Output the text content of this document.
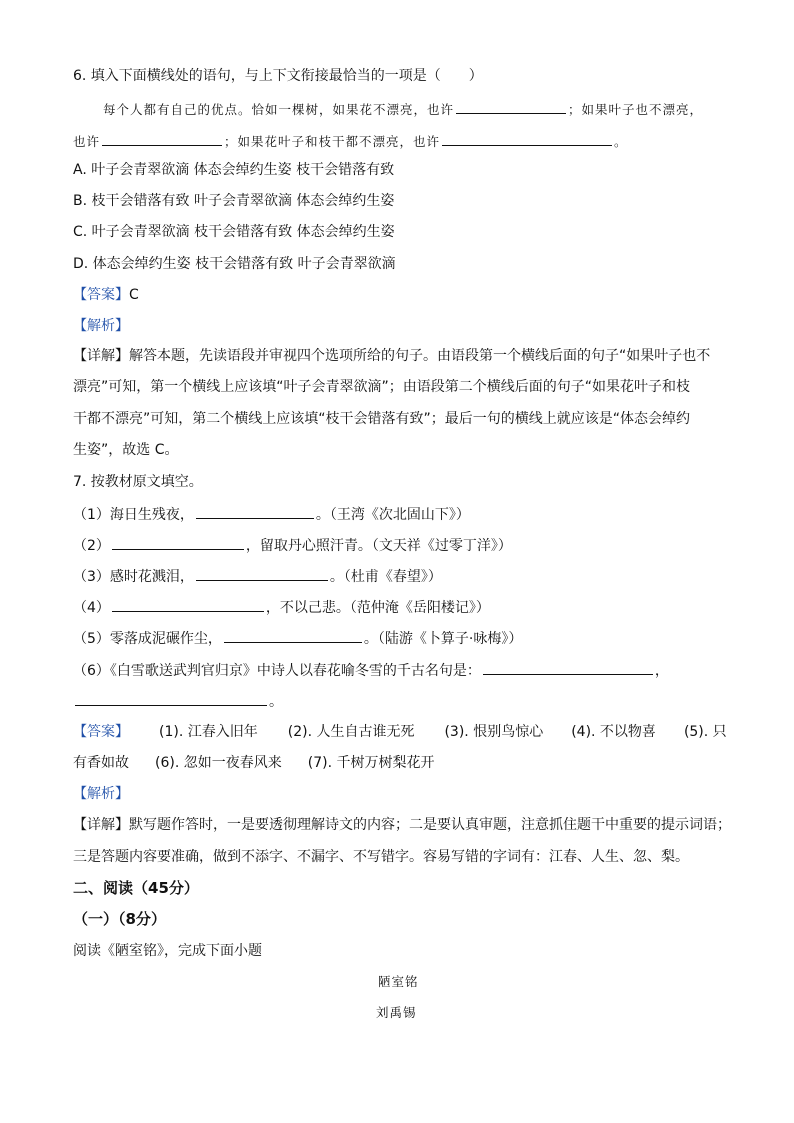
6. 填入下面横线处的语句，与上下文衔接最恰当的一项是（　　）
每个人都有自己的优点。恰如一棵树，如果花不漂亮，也许	；如果叶子也不漂亮，
也许	；如果花叶子和枝干都不漂亮，也许	。
A. 叶子会青翠欲滴 体态会绰约生姿 枝干会错落有致
B. 枝干会错落有致 叶子会青翠欲滴 体态会绰约生姿
C. 叶子会青翠欲滴 枝干会错落有致 体态会绰约生姿
D. 体态会绰约生姿 枝干会错落有致 叶子会青翠欲滴
【答案】C
【解析】
【详解】解答本题，先读语段并审视四个选项所给的句子。由语段第一个横线后面的句子“如果叶子也不
漂亮”可知，第一个横线上应该填“叶子会青翠欲滴”；由语段第二个横线后面的句子“如果花叶子和枝
干都不漂亮”可知，第二个横线上应该填“枝干会错落有致”；最后一句的横线上就应该是“体态会绰约
生姿”，故选 C。
7. 按教材原文填空。
（1）海日生残夜，	。（王湾《次北固山下》）
（2）	，留取丹心照汗青。（文天祥《过零丁洋》）
（3）感时花溅泪，	。（杜甫《春望》）
（4）	，不以己悲。（范仲淹《岳阳楼记》）
（5）零落成泥碾作尘，	。（陆游《卜算子·咏梅》）
（6）《白雪歌送武判官归京》中诗人以春花喻冬雪的千古名句是：	，
。
【答案】 (1). 江春入旧年 (2). 人生自古谁无死 (3). 恨别鸟惊心 (4). 不以物喜 (5). 只
有香如故 (6). 忽如一夜春风来 (7). 千树万树梨花开
【解析】
【详解】默写题作答时，一是要透彻理解诗文的内容；二是要认真审题，注意抓住题干中重要的提示词语；
三是答题内容要准确，做到不添字、不漏字、不写错字。容易写错的字词有：江春、人生、忽、梨。
二、阅读（45分）
（一）（8分）
阅读《陋室铭》，完成下面小题
陋室铭
刘禹锡
